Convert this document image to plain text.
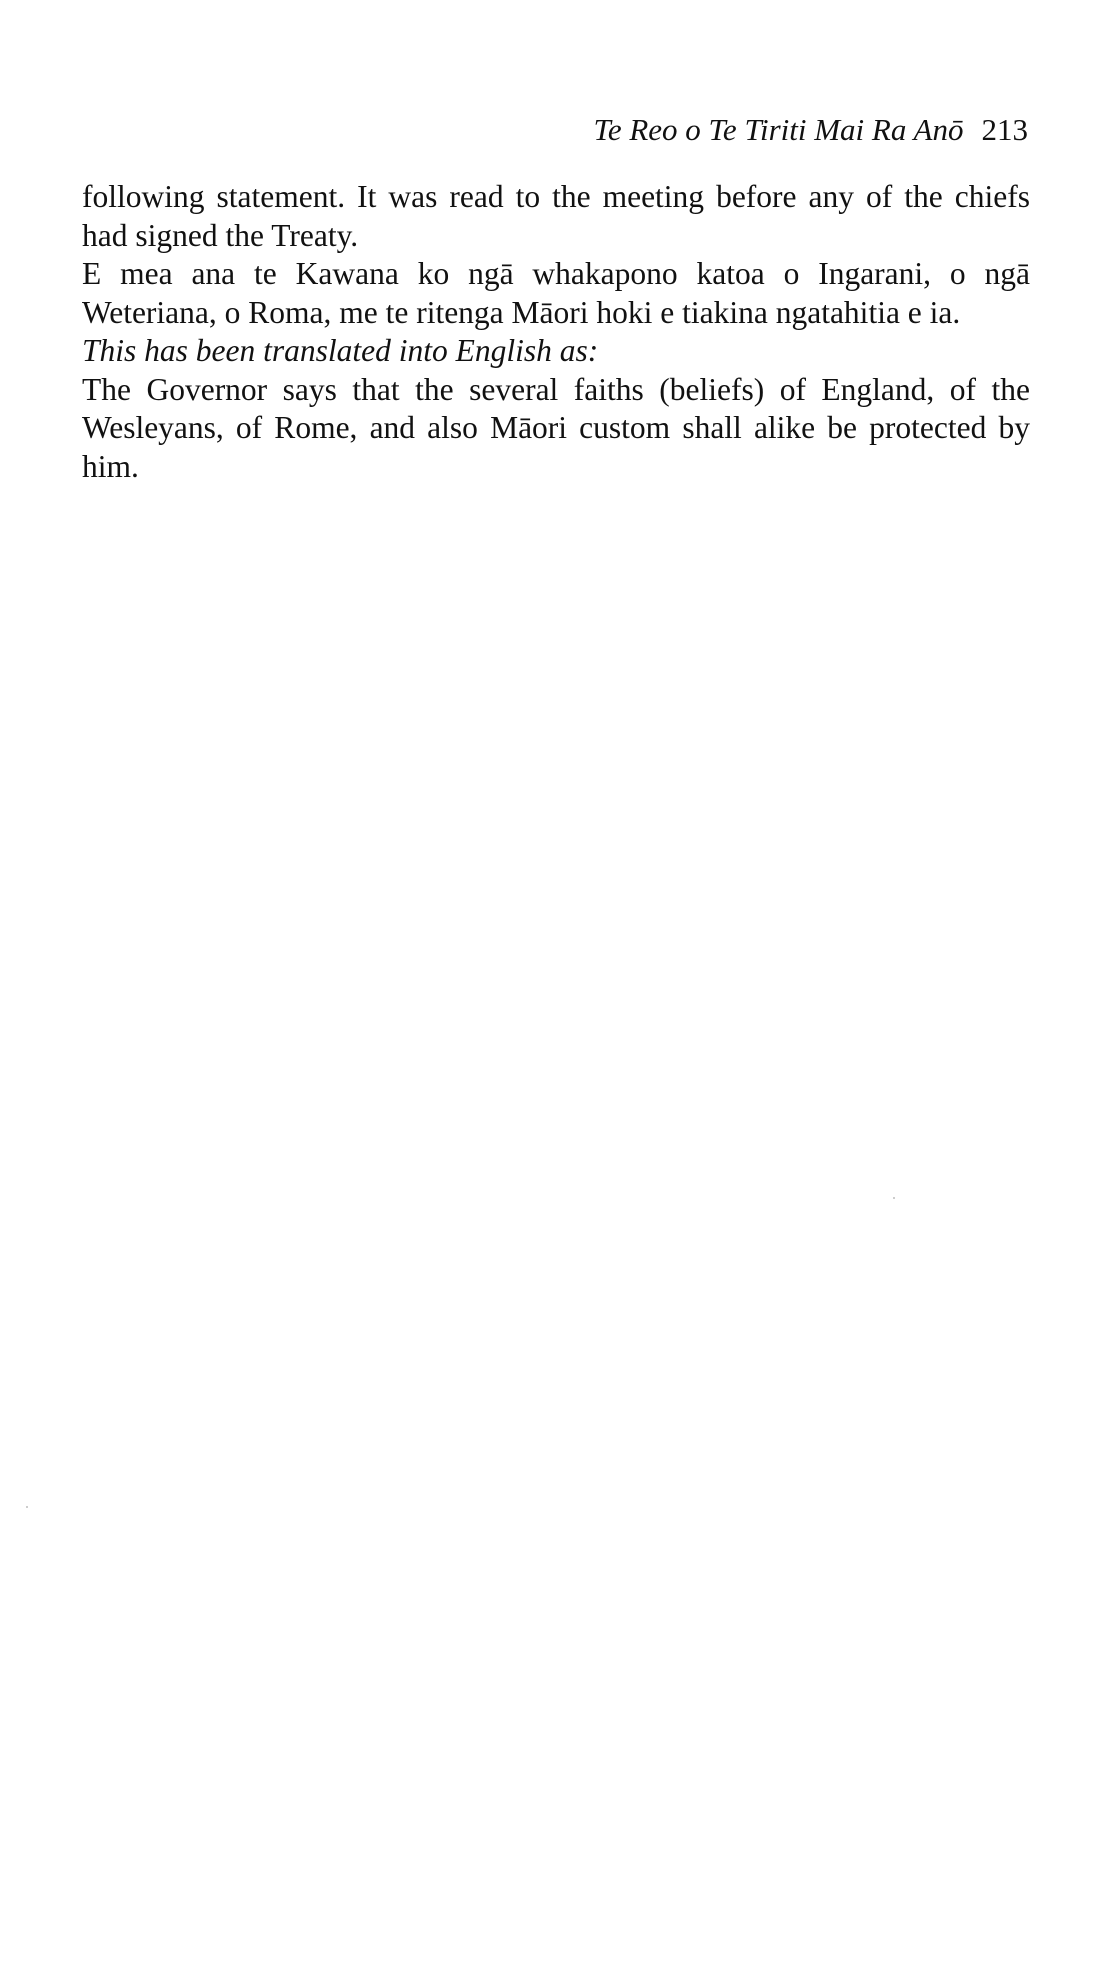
Te Reo o Te Tiriti Mai Ra Anō 213

following statement. It was read to the meeting before any of the chiefs had signed the Treaty.

E mea ana te Kawana ko ngā whakapono katoa o Ingarani, o ngā Weteriana, o Roma, me te ritenga Māori hoki e tiakina ngatahitia e ia.

This has been translated into English as:

The Governor says that the several faiths (beliefs) of England, of the Wesleyans, of Rome, and also Māori custom shall alike be protected by him.
